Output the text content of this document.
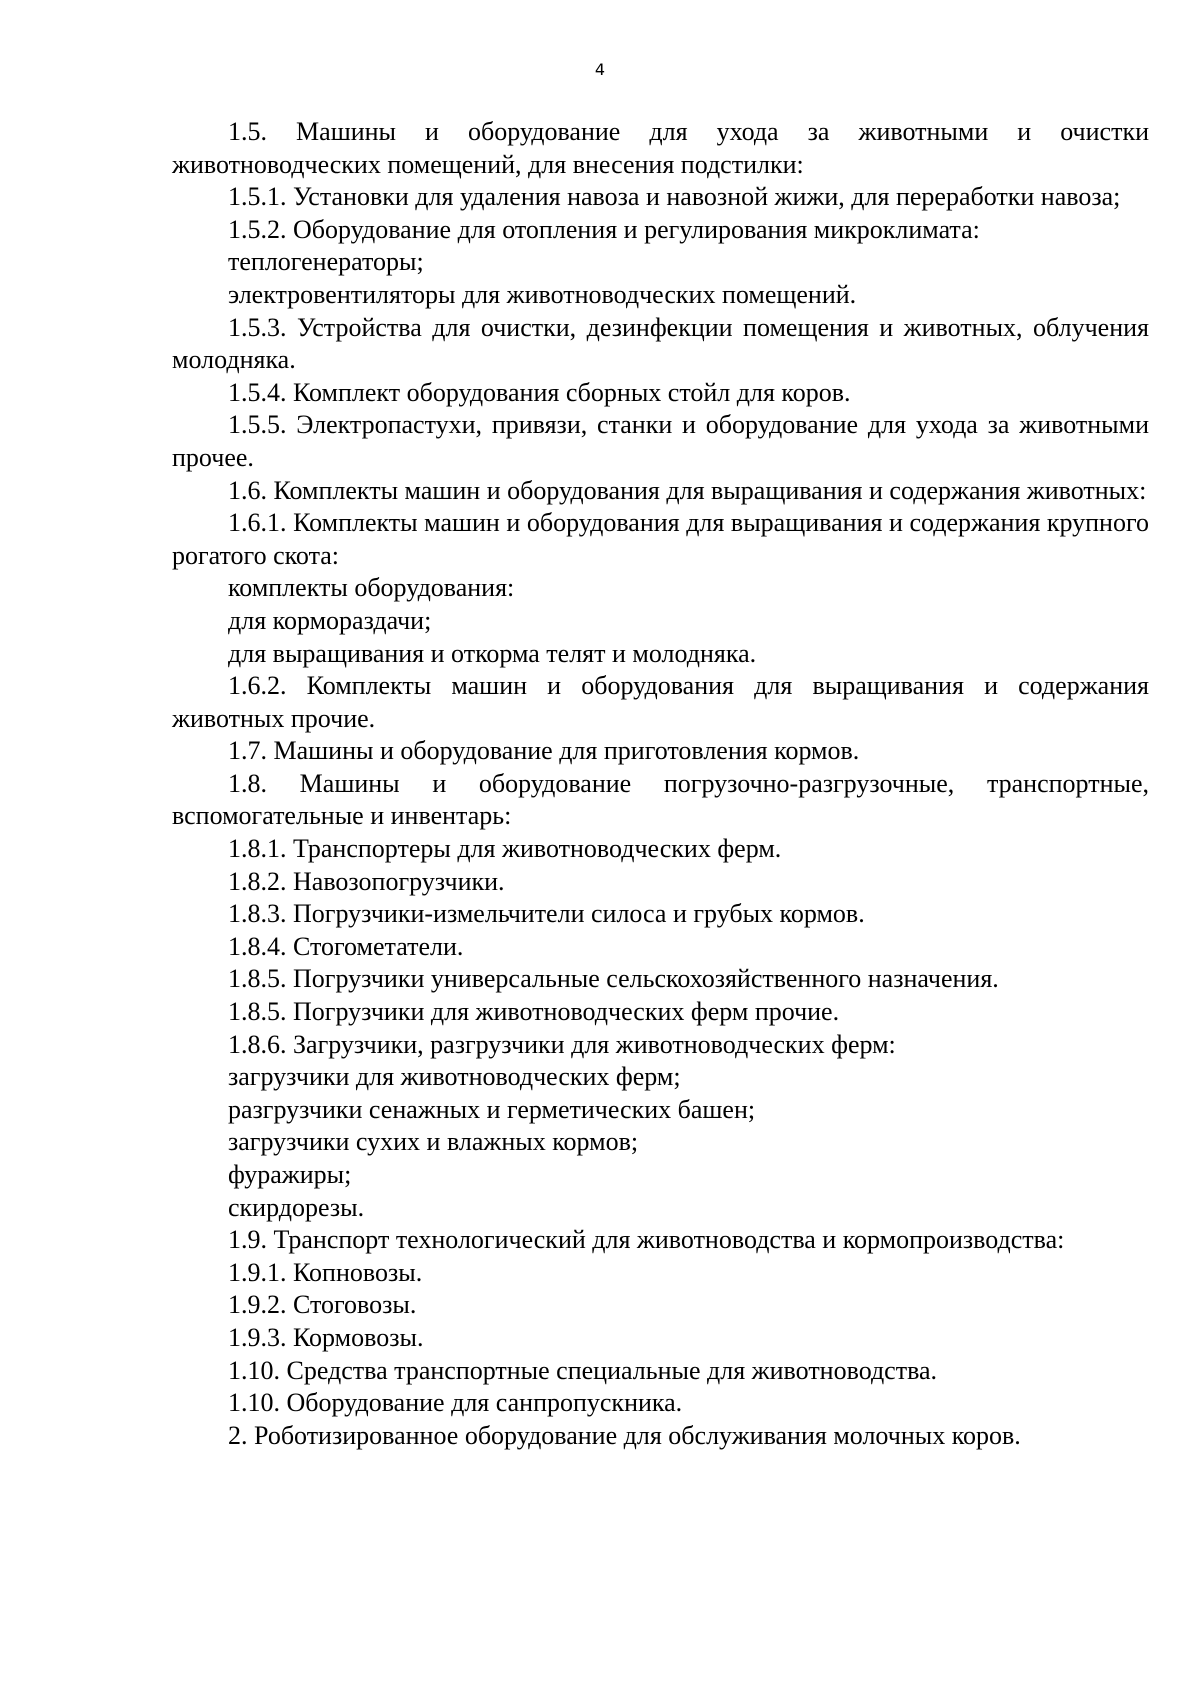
4

1.5. Машины и оборудование для ухода за животными и очистки животноводческих помещений, для внесения подстилки:

1.5.1. Установки для удаления навоза и навозной жижи, для переработки навоза;

1.5.2. Оборудование для отопления и регулирования микроклимата:

теплогенераторы;

электровентиляторы для животноводческих помещений.

1.5.3. Устройства для очистки, дезинфекции помещения и животных, облучения молодняка.

1.5.4. Комплект оборудования сборных стойл для коров.

1.5.5. Электропастухи, привязи, станки и оборудование для ухода за животными прочее.

1.6. Комплекты машин и оборудования для выращивания и содержания животных:

1.6.1. Комплекты машин и оборудования для выращивания и содержания крупного рогатого скота:

комплекты оборудования:

для кормораздачи;

для выращивания и откорма телят и молодняка.

1.6.2. Комплекты машин и оборудования для выращивания и содержания животных прочие.

1.7. Машины и оборудование для приготовления кормов.

1.8. Машины и оборудование погрузочно-разгрузочные, транспортные, вспомогательные и инвентарь:

1.8.1. Транспортеры для животноводческих ферм.

1.8.2. Навозопогрузчики.

1.8.3. Погрузчики-измельчители силоса и грубых кормов.

1.8.4. Стогометатели.

1.8.5. Погрузчики универсальные сельскохозяйственного назначения.

1.8.5. Погрузчики для животноводческих ферм прочие.

1.8.6. Загрузчики, разгрузчики для животноводческих ферм:

загрузчики для животноводческих ферм;

разгрузчики сенажных и герметических башен;

загрузчики сухих и влажных кормов;

фуражиры;

скирдорезы.

1.9. Транспорт технологический для животноводства и кормопроизводства:

1.9.1. Копновозы.

1.9.2. Стоговозы.

1.9.3. Кормовозы.

1.10. Средства транспортные специальные для животноводства.

1.10. Оборудование для санпропускника.

2. Роботизированное оборудование для обслуживания молочных коров.
